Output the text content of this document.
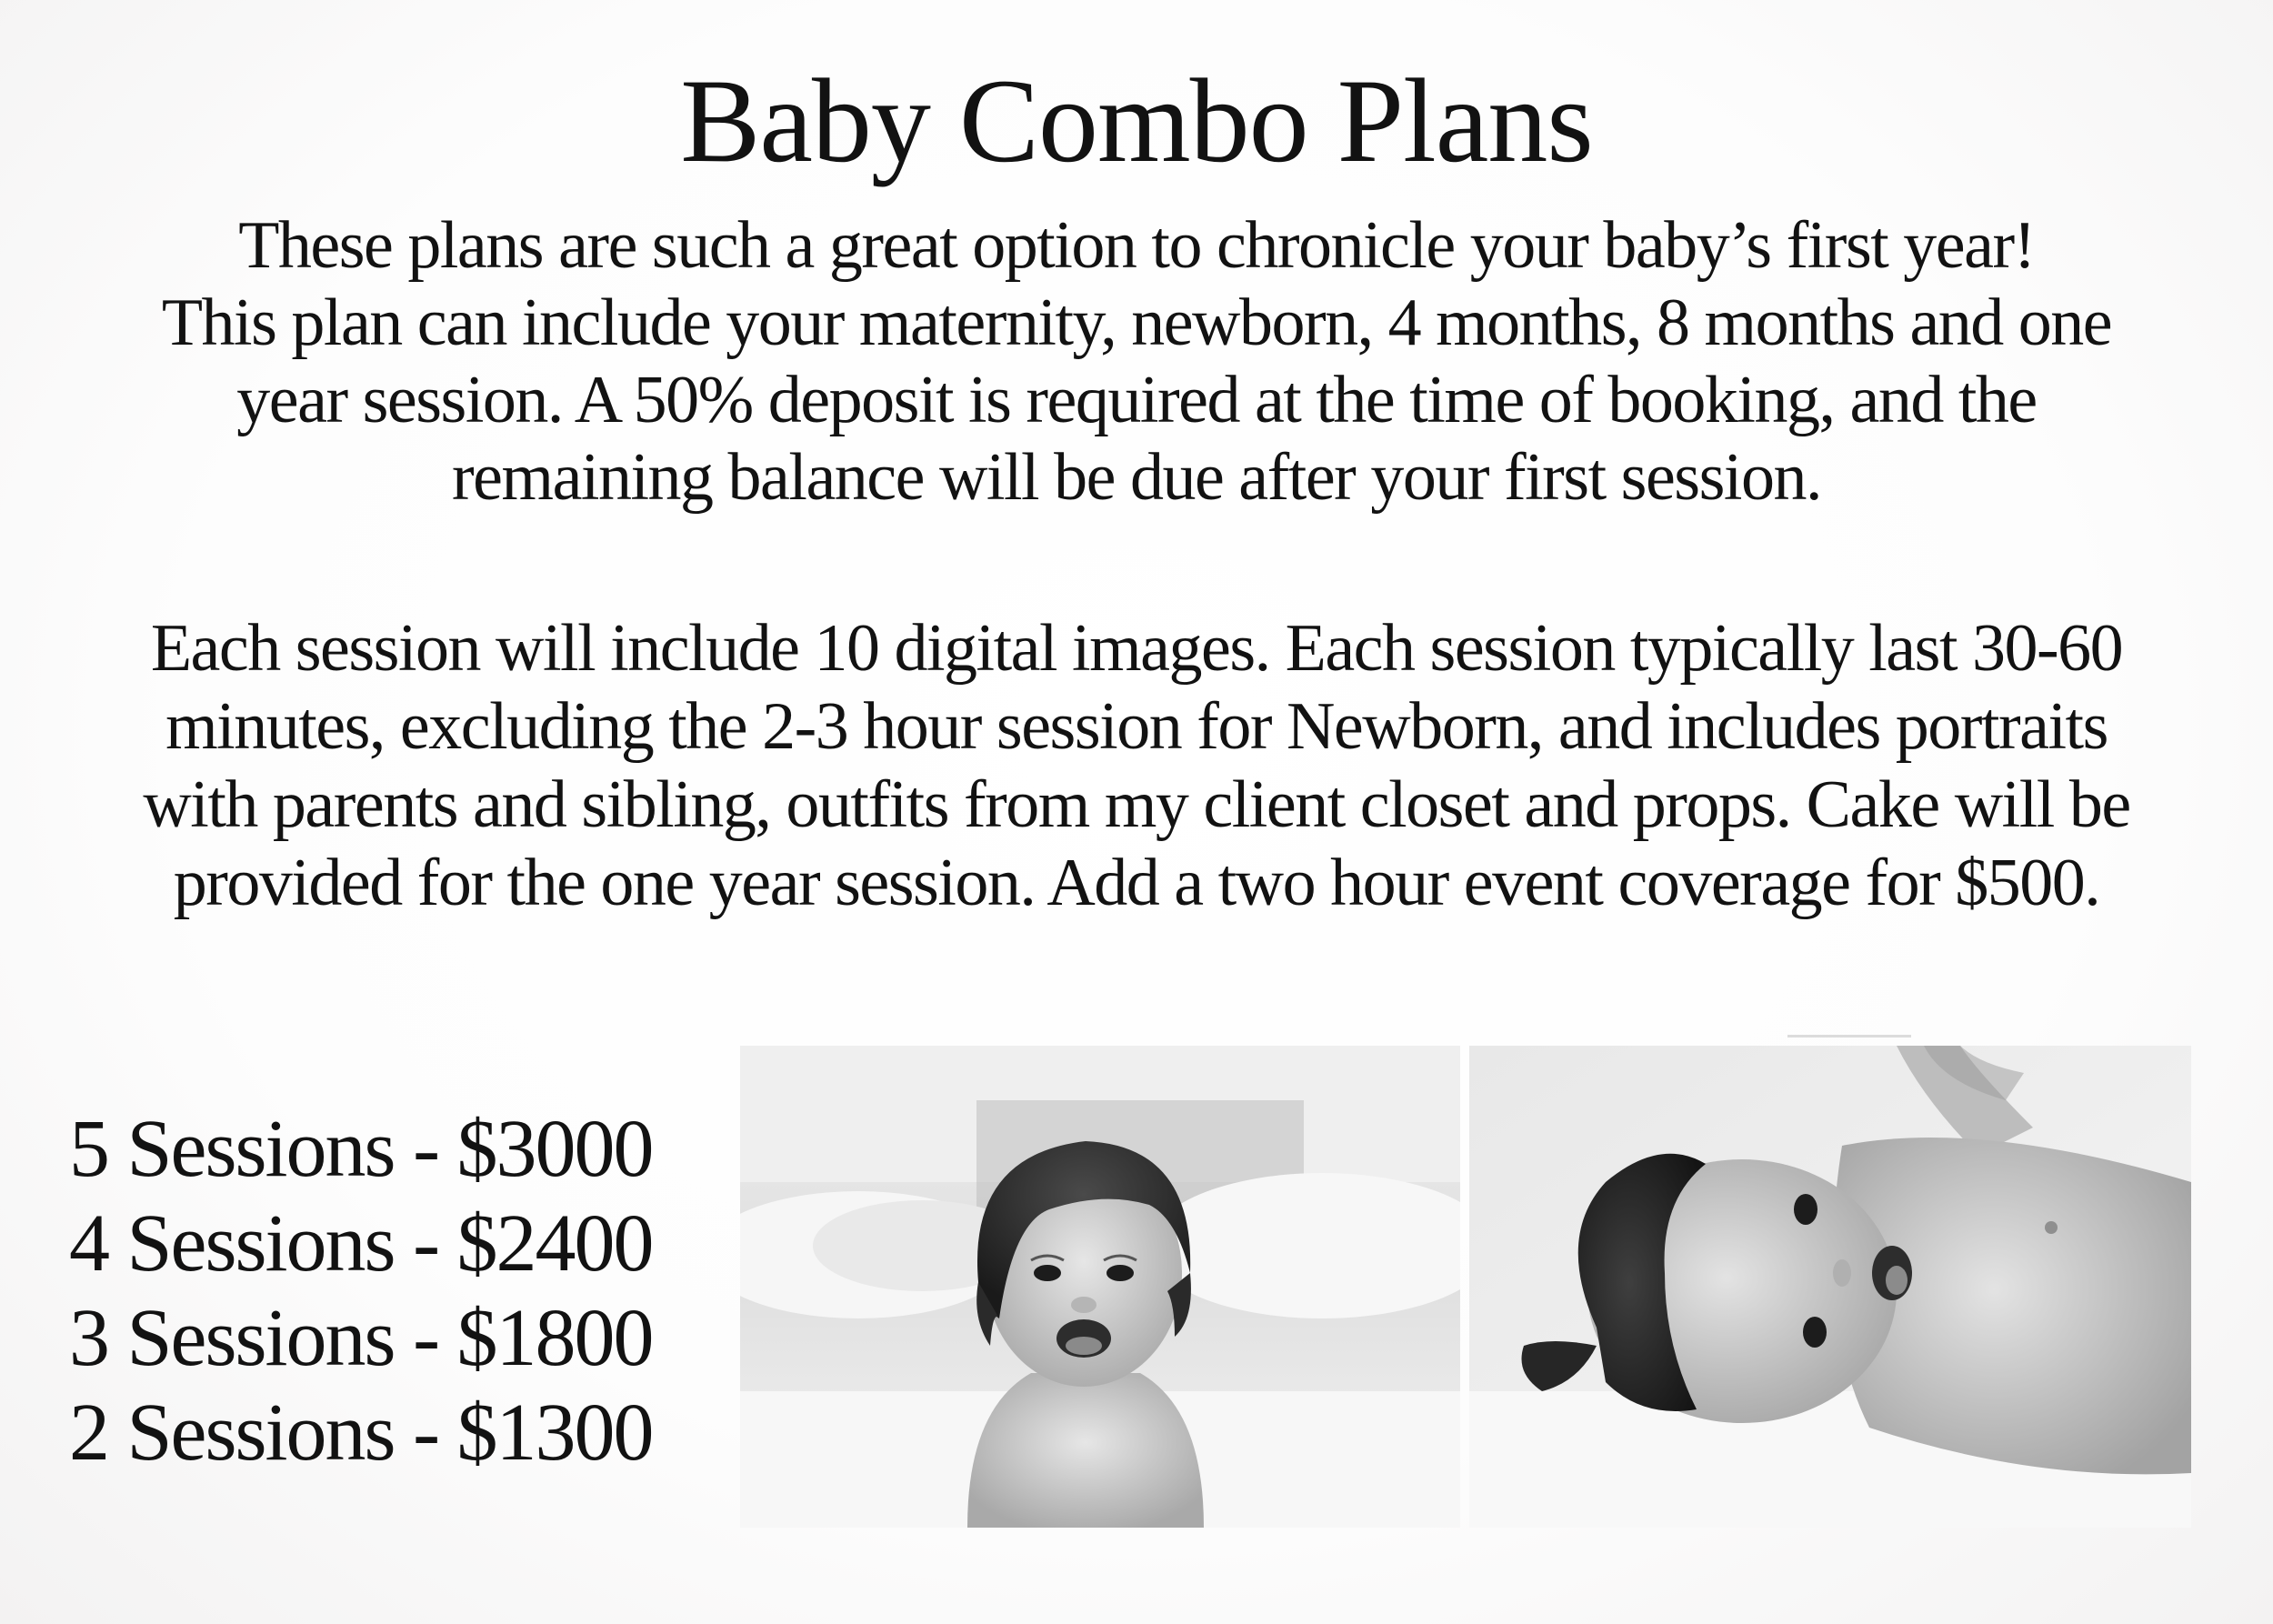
Baby Combo Plans
These plans are such a great option to chronicle your baby’s first year!
This plan can include your maternity, newborn, 4 months, 8 months and one
year session. A 50% deposit is required at the time of booking, and the
remaining balance will be due after your first session.
Each session will include 10 digital images. Each session typically last 30-60
minutes, excluding the 2-3 hour session for Newborn, and includes portraits
with parents and sibling, outfits from my client closet and props. Cake will be
provided for the one year session. Add a two hour event coverage for $500.
5 Sessions - $3000
4 Sessions - $2400
3 Sessions - $1800
2 Sessions - $1300
